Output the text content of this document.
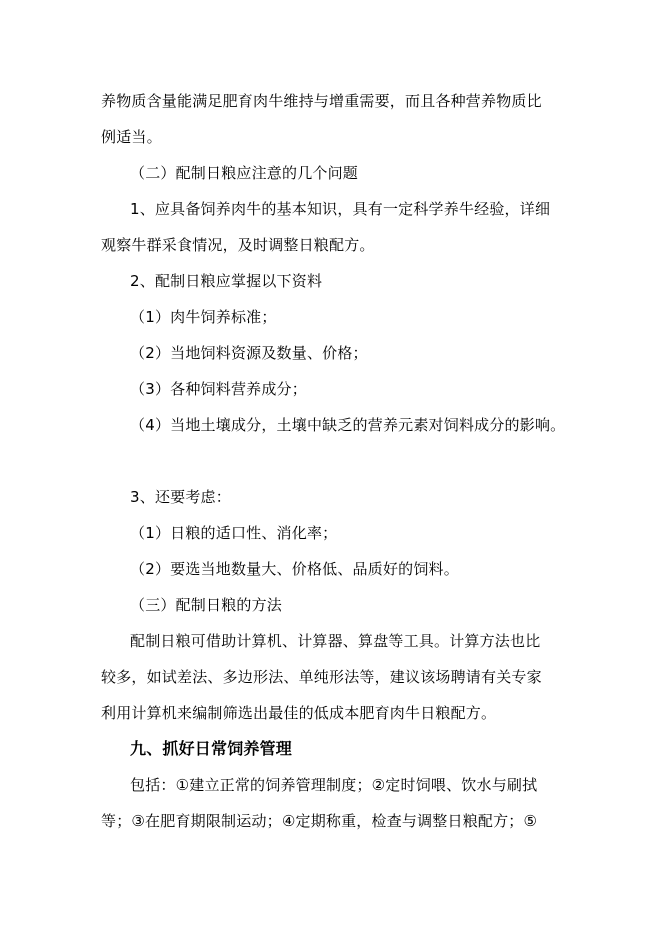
养物质含量能满足肥育肉牛维持与增重需要，而且各种营养物质比
例适当。
（二）配制日粮应注意的几个问题
1、应具备饲养肉牛的基本知识，具有一定科学养牛经验，详细
观察牛群采食情况，及时调整日粮配方。
2、配制日粮应掌握以下资料
（1）肉牛饲养标准；
（2）当地饲料资源及数量、价格；
（3）各种饲料营养成分；
（4）当地土壤成分，土壤中缺乏的营养元素对饲料成分的影响。
3、还要考虑：
（1）日粮的适口性、消化率；
（2）要选当地数量大、价格低、品质好的饲料。
（三）配制日粮的方法
配制日粮可借助计算机、计算器、算盘等工具。计算方法也比
较多，如试差法、多边形法、单纯形法等，建议该场聘请有关专家
利用计算机来编制筛选出最佳的低成本肥育肉牛日粮配方。
九、抓好日常饲养管理
包括：①建立正常的饲养管理制度；②定时饲喂、饮水与刷拭
等；③在肥育期限制运动；④定期称重，检查与调整日粮配方；⑤
